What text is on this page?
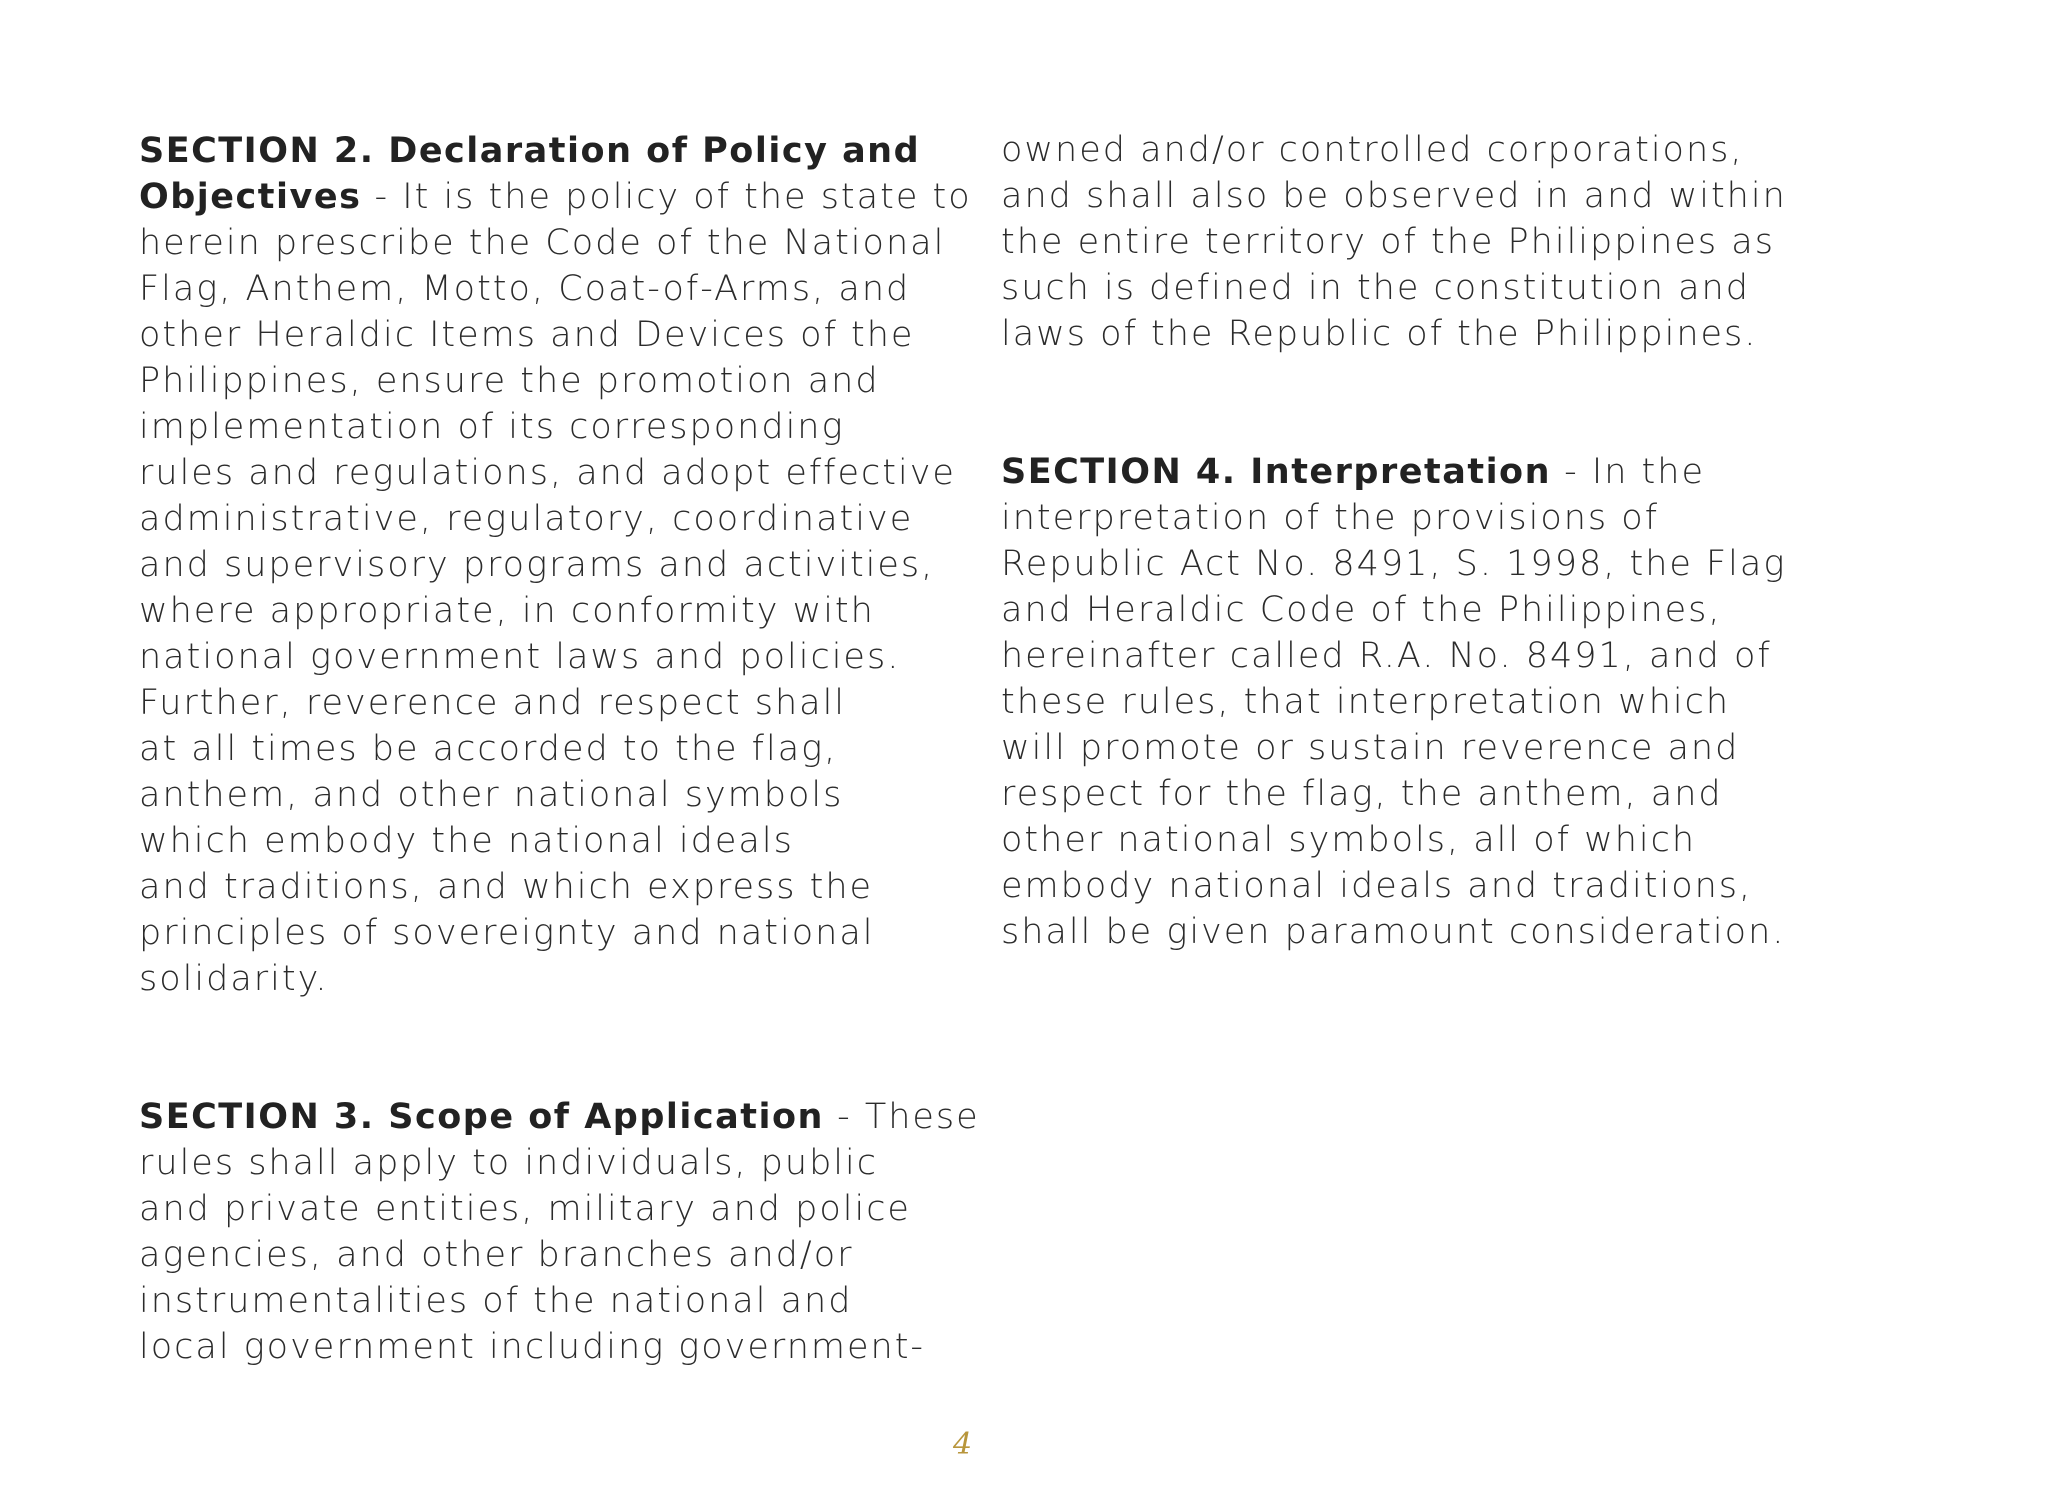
SECTION 2. Declaration of Policy and
Objectives - It is the policy of the state to
herein prescribe the Code of the National
Flag, Anthem, Motto, Coat-of-Arms, and
other Heraldic Items and Devices of the
Philippines, ensure the promotion and
implementation of its corresponding
rules and regulations, and adopt effective
administrative, regulatory, coordinative
and supervisory programs and activities,
where appropriate, in conformity with
national government laws and policies.
Further, reverence and respect shall
at all times be accorded to the flag,
anthem, and other national symbols
which embody the national ideals
and traditions, and which express the
principles of sovereignty and national
solidarity.
SECTION 3. Scope of Application - These
rules shall apply to individuals, public
and private entities, military and police
agencies, and other branches and/or
instrumentalities of the national and
local government including government-
owned and/or controlled corporations,
and shall also be observed in and within
the entire territory of the Philippines as
such is defined in the constitution and
laws of the Republic of the Philippines.
SECTION 4. Interpretation - In the
interpretation of the provisions of
Republic Act No. 8491, S. 1998, the Flag
and Heraldic Code of the Philippines,
hereinafter called R.A. No. 8491, and of
these rules, that interpretation which
will promote or sustain reverence and
respect for the flag, the anthem, and
other national symbols, all of which
embody national ideals and traditions,
shall be given paramount consideration.
4
